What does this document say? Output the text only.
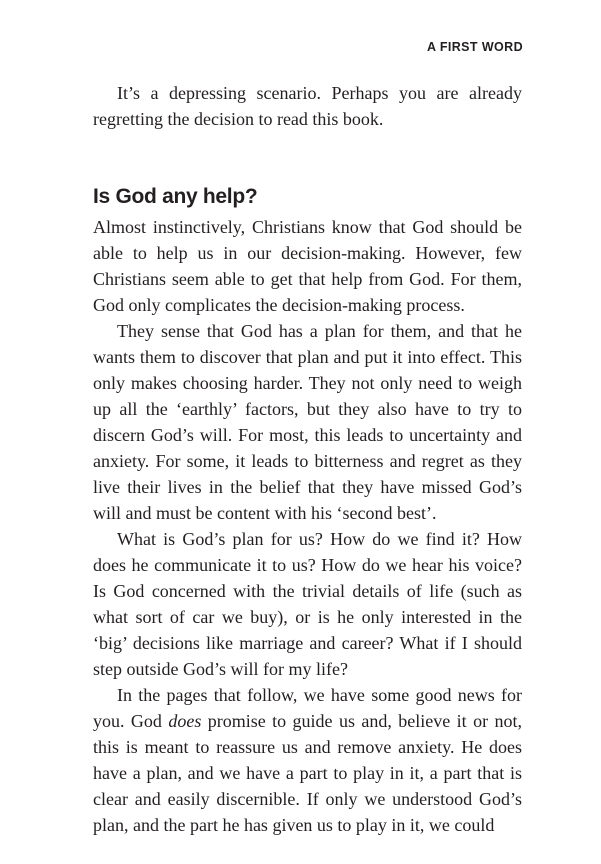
A FIRST WORD

It’s a depressing scenario. Perhaps you are already regretting the decision to read this book.

Is God any help?

Almost instinctively, Christians know that God should be able to help us in our decision-making. However, few Christians seem able to get that help from God. For them, God only complicates the decision-making process.

They sense that God has a plan for them, and that he wants them to discover that plan and put it into effect. This only makes choosing harder. They not only need to weigh up all the ‘earthly’ factors, but they also have to try to discern God’s will. For most, this leads to uncertainty and anxiety. For some, it leads to bitterness and regret as they live their lives in the belief that they have missed God’s will and must be content with his ‘second best’.

What is God’s plan for us? How do we find it? How does he communicate it to us? How do we hear his voice? Is God concerned with the trivial details of life (such as what sort of car we buy), or is he only interested in the ‘big’ decisions like marriage and career? What if I should step outside God’s will for my life?

In the pages that follow, we have some good news for you. God does promise to guide us and, believe it or not, this is meant to reassure us and remove anxiety. He does have a plan, and we have a part to play in it, a part that is clear and easily discernible. If only we understood God’s plan, and the part he has given us to play in it, we could
